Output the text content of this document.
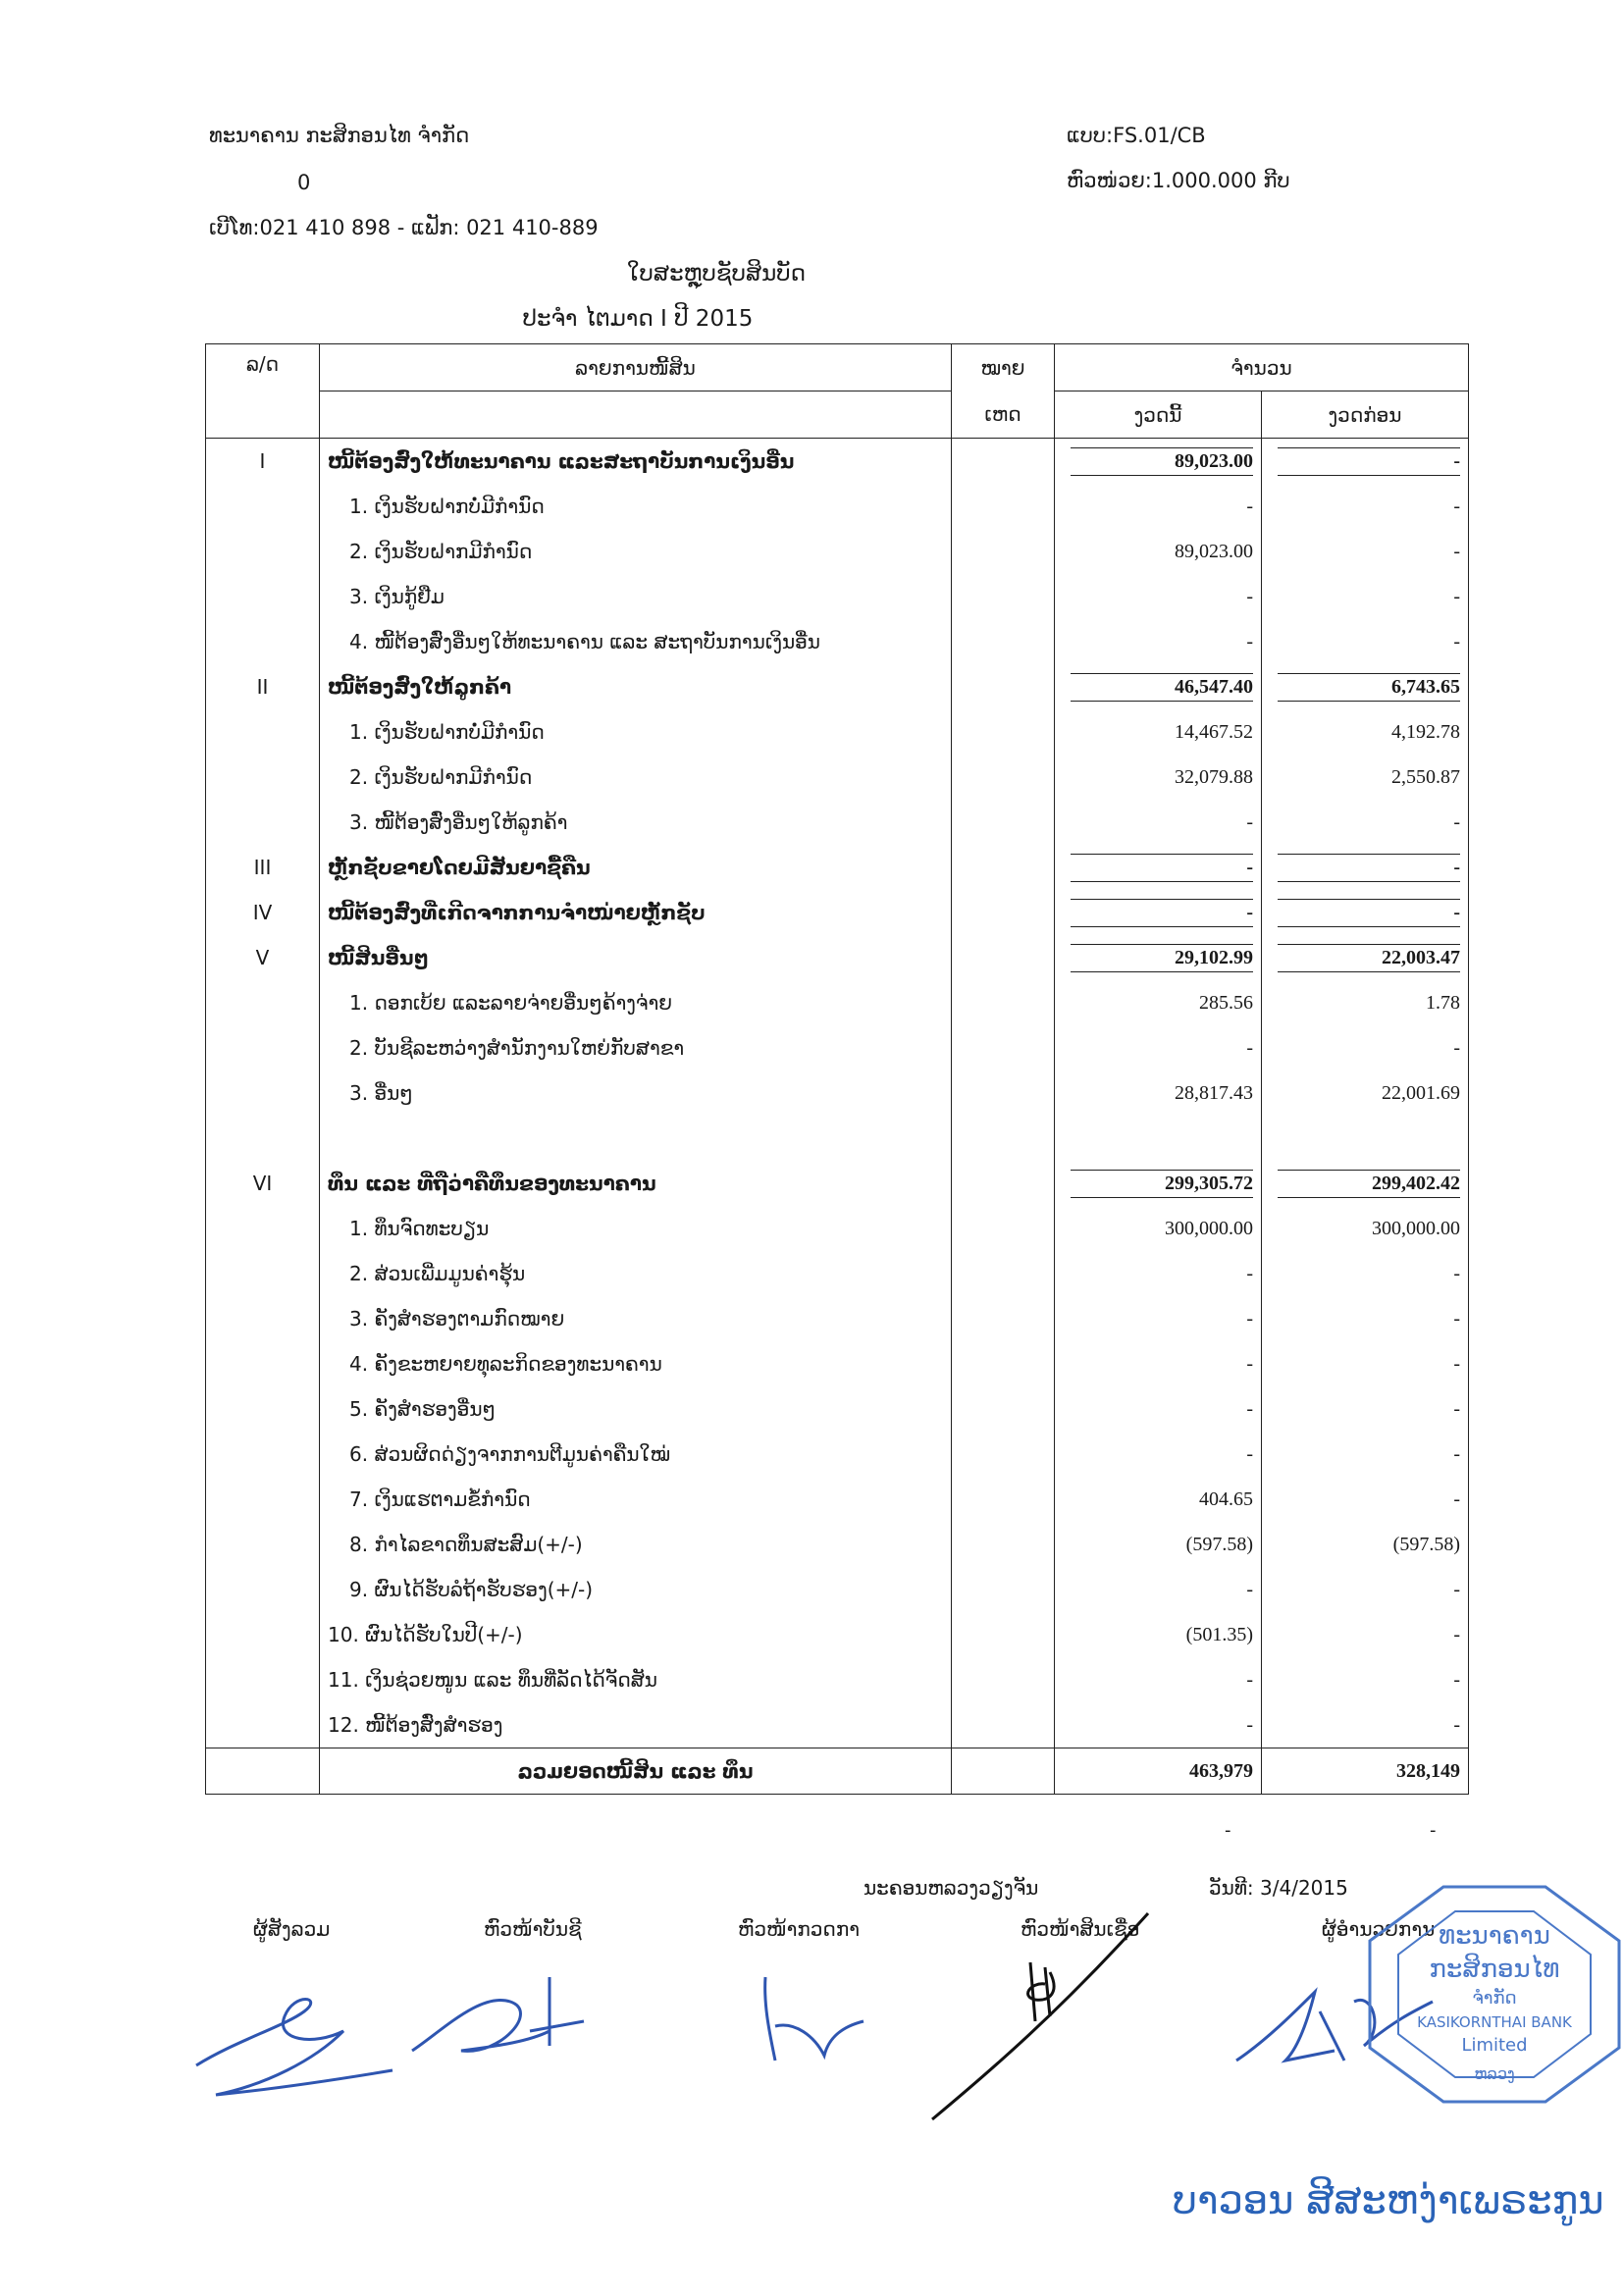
ທະນາຄານ ກະສິກອນໄທ ຈຳກັດ	ແບບ:FS.01/CB
0	ຫົວໜ່ວຍ:1.000.000 ກີບ
ເບີໂທ:021 410 898 - ແຟັກ: 021 410-889
ໃບສະຫຼຸບຊັບສິນບັດ
ປະຈຳ ໄຕມາດ I ປີ 2015
ລ/ດ	ລາຍການໜີ້ສິນ	ໝາຍ	ຈຳນວນ	
		ເຫດ	ງວດນີ້	ງວດກ່ອນ
I	ໜີ້ຕ້ອງສົ່ງໃຫ້ທະນາຄານ ແລະສະຖາບັນການເງິນອື່ນ		89,023.00	-
	1. ເງິນຮັບຝາກບໍ່ມີກຳນົດ		-	-
	2. ເງິນຮັບຝາກມີກຳນົດ		89,023.00	-
	3. ເງິນກູ້ຢືມ		-	-
	4. ໜີ້ຕ້ອງສົ່ງອື່ນໆໃຫ້ທະນາຄານ ແລະ ສະຖາບັນການເງິນອື່ນ		-	-
II	ໜີ້ຕ້ອງສົ່ງໃຫ້ລູກຄ້າ		46,547.40	6,743.65
	1. ເງິນຮັບຝາກບໍ່ມີກຳນົດ		14,467.52	4,192.78
	2. ເງິນຮັບຝາກມີກຳນົດ		32,079.88	2,550.87
	3. ໜີ້ຕ້ອງສົ່ງອື່ນໆໃຫ້ລູກຄ້າ		-	-
III	ຫຼັກຊັບຂາຍໂດຍມີສັນຍາຊື້ຄືນ		-	-
IV	ໜີ້ຕ້ອງສົ່ງທີ່ເກີດຈາກການຈຳໜ່າຍຫຼັກຊັບ		-	-
V	ໜີ້ສິນອື່ນໆ		29,102.99	22,003.47
	1. ດອກເບ້ຍ ແລະລາຍຈ່າຍອື່ນໆຄ້າງຈ່າຍ		285.56	1.78
	2. ບັນຊີລະຫວ່າງສຳນັກງານໃຫຍ່ກັບສາຂາ		-	-
	3. ອື່ນໆ		28,817.43	22,001.69

VI	ທຶນ ແລະ ທີ່ຖືວ່າຄືທຶນຂອງທະນາຄານ		299,305.72	299,402.42
	1. ທຶນຈົດທະບຽນ		300,000.00	300,000.00
	2. ສ່ວນເພີ່ມມູນຄ່າຮຸ້ນ		-	-
	3. ຄັງສຳຮອງຕາມກົດໝາຍ		-	-
	4. ຄັງຂະຫຍາຍທຸລະກິດຂອງທະນາຄານ		-	-
	5. ຄັງສຳຮອງອື່ນໆ		-	-
	6. ສ່ວນຜິດດ່ຽງຈາກການຕີມູນຄ່າຄືນໃໝ່		-	-
	7. ເງິນແຮຕາມຂໍ້ກຳນົດ		404.65	-
	8. ກຳໄລຂາດທຶນສະສົມ(+/-)		(597.58)	(597.58)
	9. ຜົນໄດ້ຮັບລໍຖ້າຮັບຮອງ(+/-)		-	-
	10. ຜົນໄດ້ຮັບໃນປີ(+/-)		(501.35)	-
	11. ເງິນຊ່ວຍໜູນ ແລະ ທຶນທີ່ລັດໄດ້ຈັດສັນ		-	-
	12. ໜີ້ຕ້ອງສົ່ງສຳຮອງ		-	-
	ລວມຍອດໜີ້ສິນ ແລະ ທຶນ		463,979	328,149
-	-
ນະຄອນຫລວງວຽງຈັນ	ວັນທີ: 3/4/2015
ຜູ້ສັງລວມ	ຫົວໜ້າບັນຊີ	ຫົວໜ້າກວດກາ	ຫົວໜ້າສິນເຊື່ອ	ຜູ້ອຳນວຍການ ທະນາຄານ
ກະສິກອນໄທ
ຈຳກັດ
KASIKORNTHAI BANK
Limited
ຫລວງ
ບາວອນ ສີສະຫງ່າເພຣະກູນ
